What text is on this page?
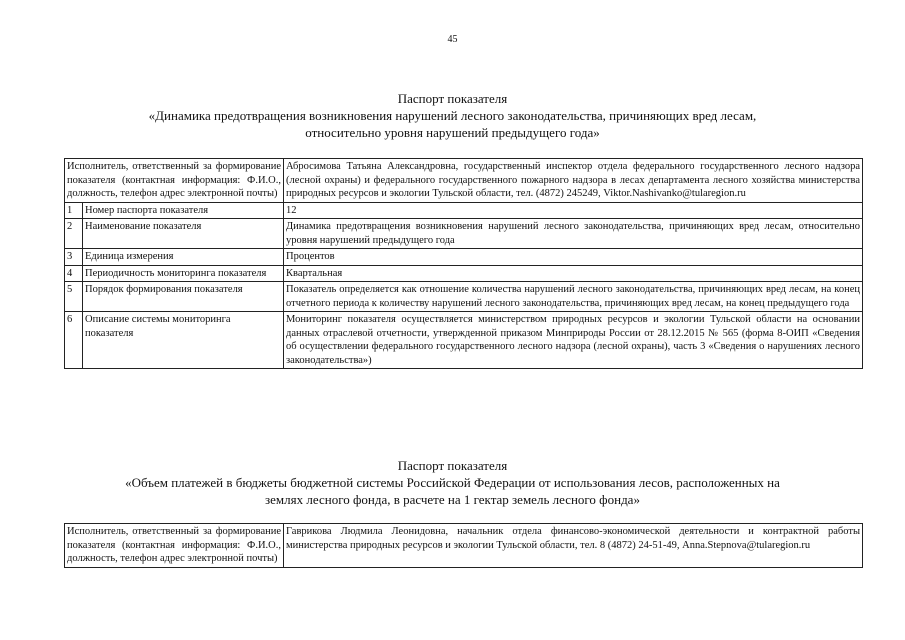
45
Паспорт показателя
«Динамика предотвращения возникновения нарушений лесного законодательства, причиняющих вред лесам,
относительно уровня нарушений предыдущего года»
Исполнитель, ответственный за формирование показателя (контактная информация: Ф.И.О., должность, телефон адрес электронной почты)		Абросимова Татьяна Александровна, государственный инспектор отдела федерального государственного лесного надзора (лесной охраны) и федерального государственного пожарного надзора в лесах департамента лесного хозяйства министерства природных ресурсов и экологии Тульской области, тел. (4872) 245249, Viktor.Nashivanko@tularegion.ru
1	Номер паспорта показателя	12
2	Наименование показателя	Динамика предотвращения возникновения нарушений лесного законодательства, причиняющих вред лесам, относительно уровня нарушений предыдущего года
3	Единица измерения	Процентов
4	Периодичность мониторинга показателя	Квартальная
5	Порядок формирования показателя	Показатель определяется как отношение количества нарушений лесного законодательства, причиняющих вред лесам, на конец отчетного периода к количеству нарушений лесного законодательства, причиняющих вред лесам, на конец предыдущего года
6	Описание системы мониторинга показателя	Мониторинг показателя осуществляется министерством природных ресурсов и экологии Тульской области на основании данных отраслевой отчетности, утвержденной приказом Минприроды России от 28.12.2015 № 565 (форма 8-ОИП «Сведения об осуществлении федерального государственного лесного надзора (лесной охраны), часть 3 «Сведения о нарушениях лесного законодательства»)
Паспорт показателя
«Объем платежей в бюджеты бюджетной системы Российской Федерации от использования лесов, расположенных на
землях лесного фонда, в расчете на 1 гектар земель лесного фонда»
Исполнитель, ответственный за формирование показателя (контактная информация: Ф.И.О., должность, телефон адрес электронной почты)	Гаврикова Людмила Леонидовна, начальник отдела финансово-экономической деятельности и контрактной работы министерства природных ресурсов и экологии Тульской области, тел. 8 (4872) 24-51-49, Anna.Stepnova@tularegion.ru
